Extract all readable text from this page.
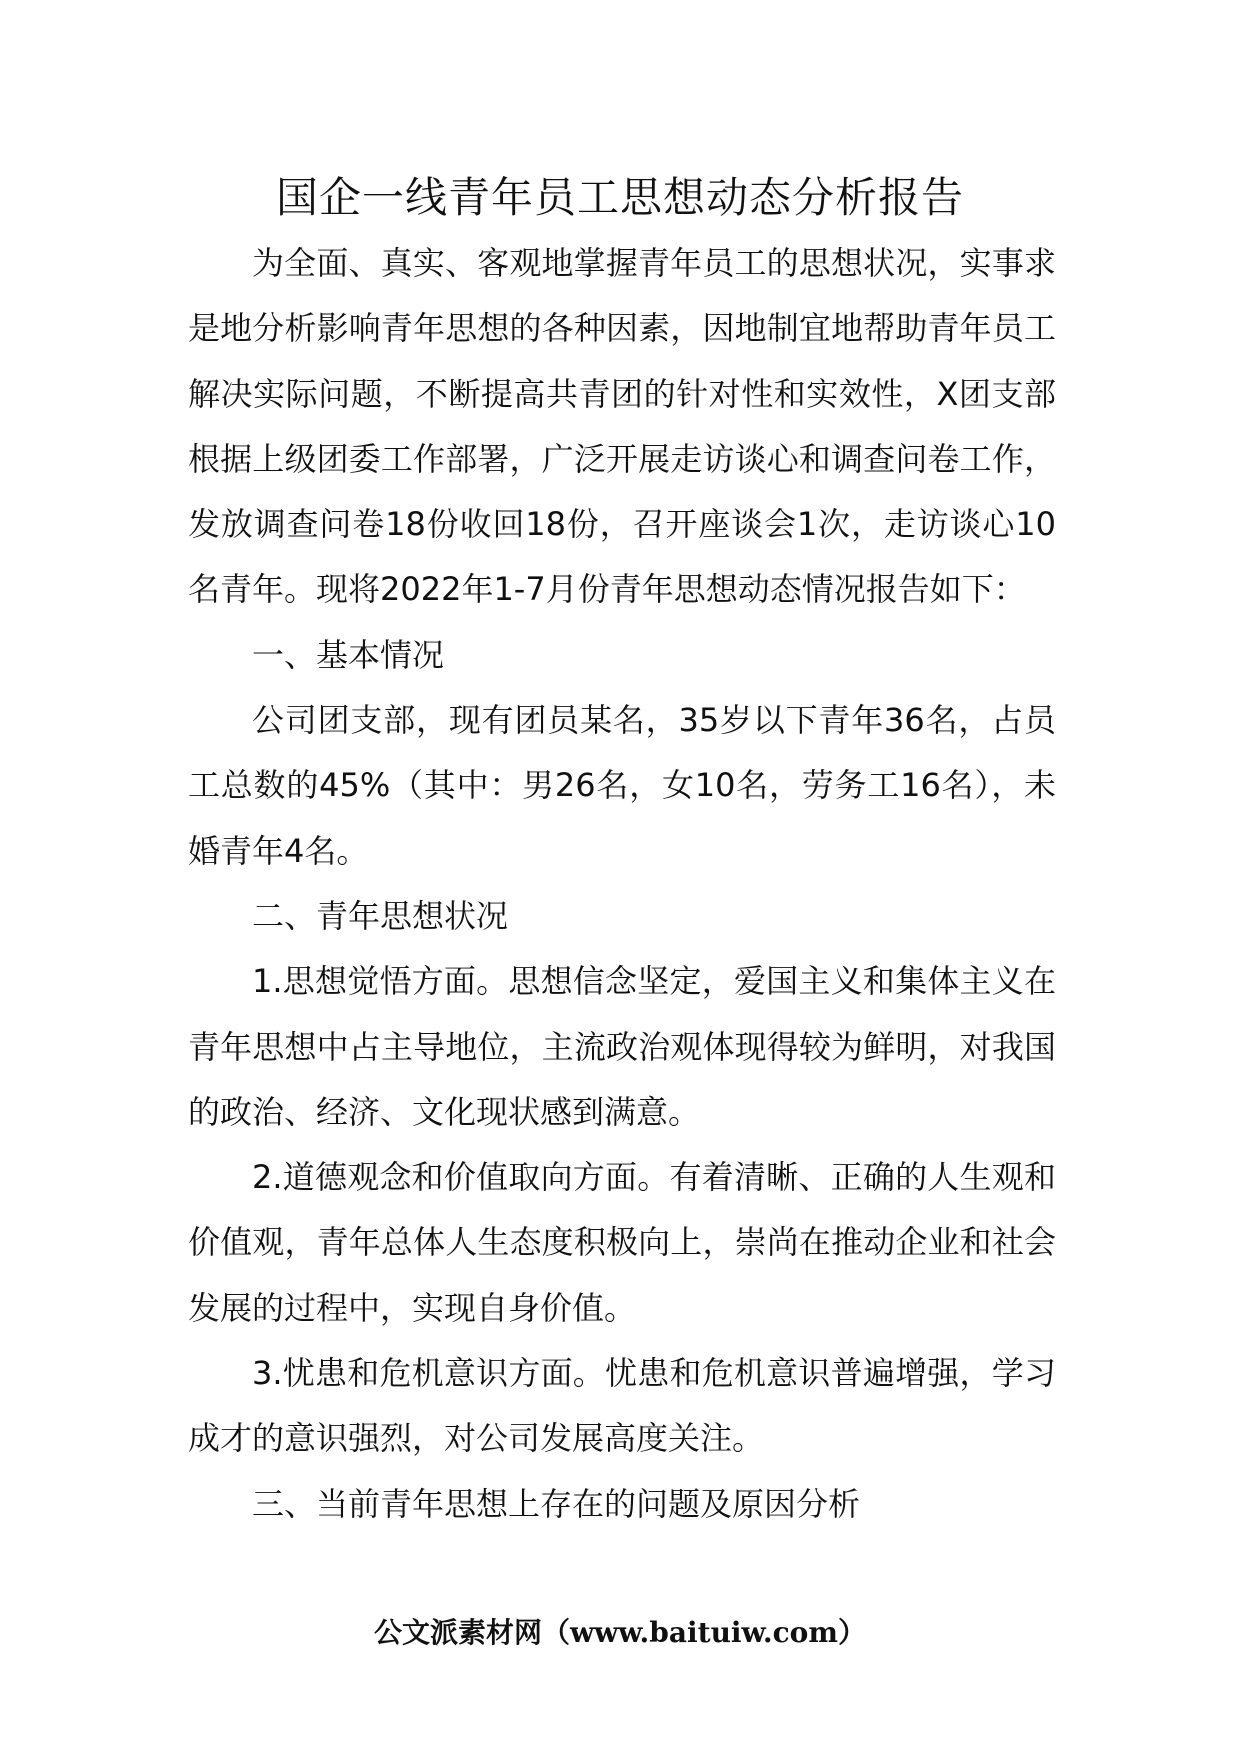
国企一线青年员工思想动态分析报告

为全面、真实、客观地掌握青年员工的思想状况，实事求是地分析影响青年思想的各种因素，因地制宜地帮助青年员工解决实际问题，不断提高共青团的针对性和实效性，X团支部根据上级团委工作部署，广泛开展走访谈心和调查问卷工作，发放调查问卷18份收回18份，召开座谈会1次，走访谈心10名青年。现将2022年1-7月份青年思想动态情况报告如下：

一、基本情况

公司团支部，现有团员某名，35岁以下青年36名，占员工总数的45%（其中：男26名，女10名，劳务工16名），未婚青年4名。

二、青年思想状况

1.思想觉悟方面。思想信念坚定，爱国主义和集体主义在青年思想中占主导地位，主流政治观体现得较为鲜明，对我国的政治、经济、文化现状感到满意。

2.道德观念和价值取向方面。有着清晰、正确的人生观和价值观，青年总体人生态度积极向上，崇尚在推动企业和社会发展的过程中，实现自身价值。

3.忧患和危机意识方面。忧患和危机意识普遍增强，学习成才的意识强烈，对公司发展高度关注。

三、当前青年思想上存在的问题及原因分析

公文派素材网（www.baituiw.com）
